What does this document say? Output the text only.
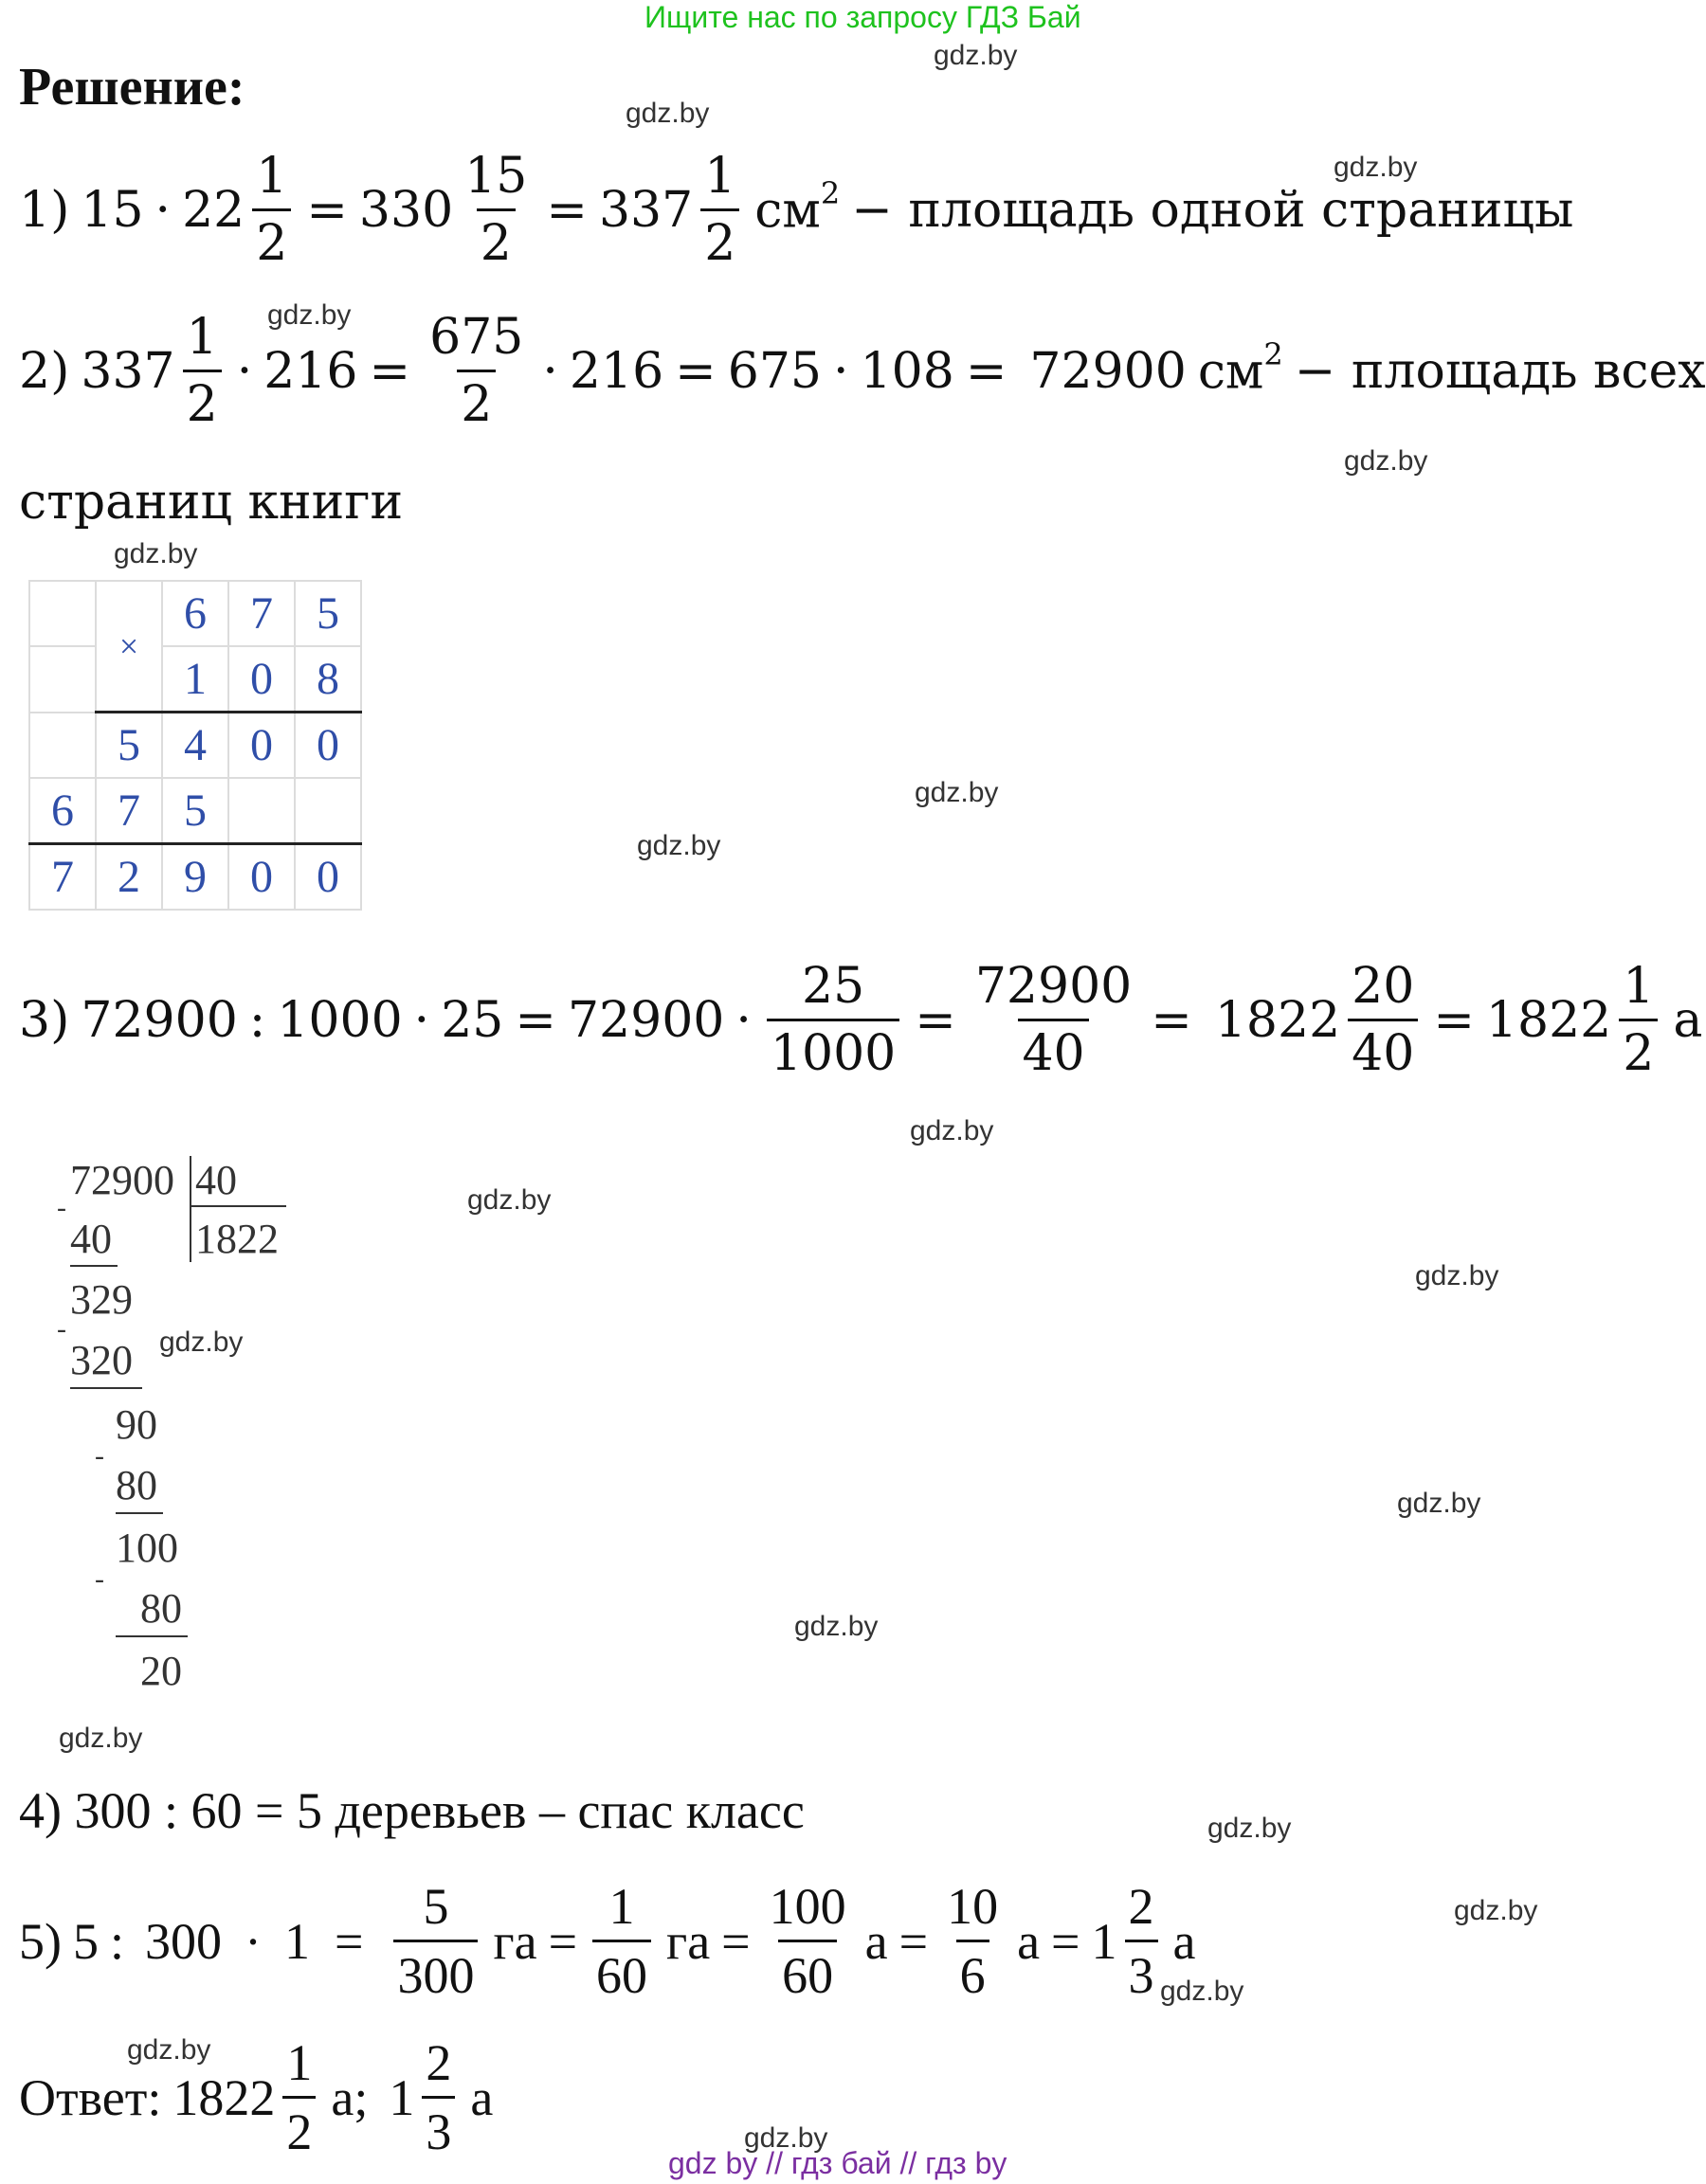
Ищите нас по запросу ГДЗ Бай
gdz.by
gdz.by
gdz.by
gdz.by
gdz.by
gdz.by
gdz.by
gdz.by
gdz.by
gdz.by
gdz.by
gdz.by
gdz.by
gdz.by
gdz.by
gdz.by
gdz.by
gdz.by
gdz.by
gdz.by
Решение:
1) $15 \cdot 22 \frac{1}{2} = 330 \frac{15}{2} = 337 \frac{1}{2} см^2$ − площадь одной страницы
2) $337 \frac{1}{2} \cdot 216 = \frac{675}{2} \cdot 216 = 675 \cdot 108 = 72900$ $см^2$ − площадь всех
страниц книги
	×	6	7	5
		1	0	8
	5	4	0	0
6	7	5		
7	2	9	0	0
3) 72900 : $1000 \cdot 25 = 72900 \cdot \frac{25}{1000} = \frac{72900}{40} = 1822 \frac{20}{40} = 1822 \frac{1}{2}$ а
72900 40
1822
-
40
329
-
320
90
-
80
100
-
80
20
4) 300 : 60 = 5 деревьев – спас класс
5) 5 : $300 \cdot 1 = \frac{5}{300}$ га = $\frac{1}{60}$ га = $\frac{100}{60}$ $а = \frac{10}{6}$ $а = 1 \frac{2}{3}$ а
Ответ: $1822 \frac{1}{2} а$; $1 \frac{2}{3}$ а
gdz by // гдз бай // гдз by
